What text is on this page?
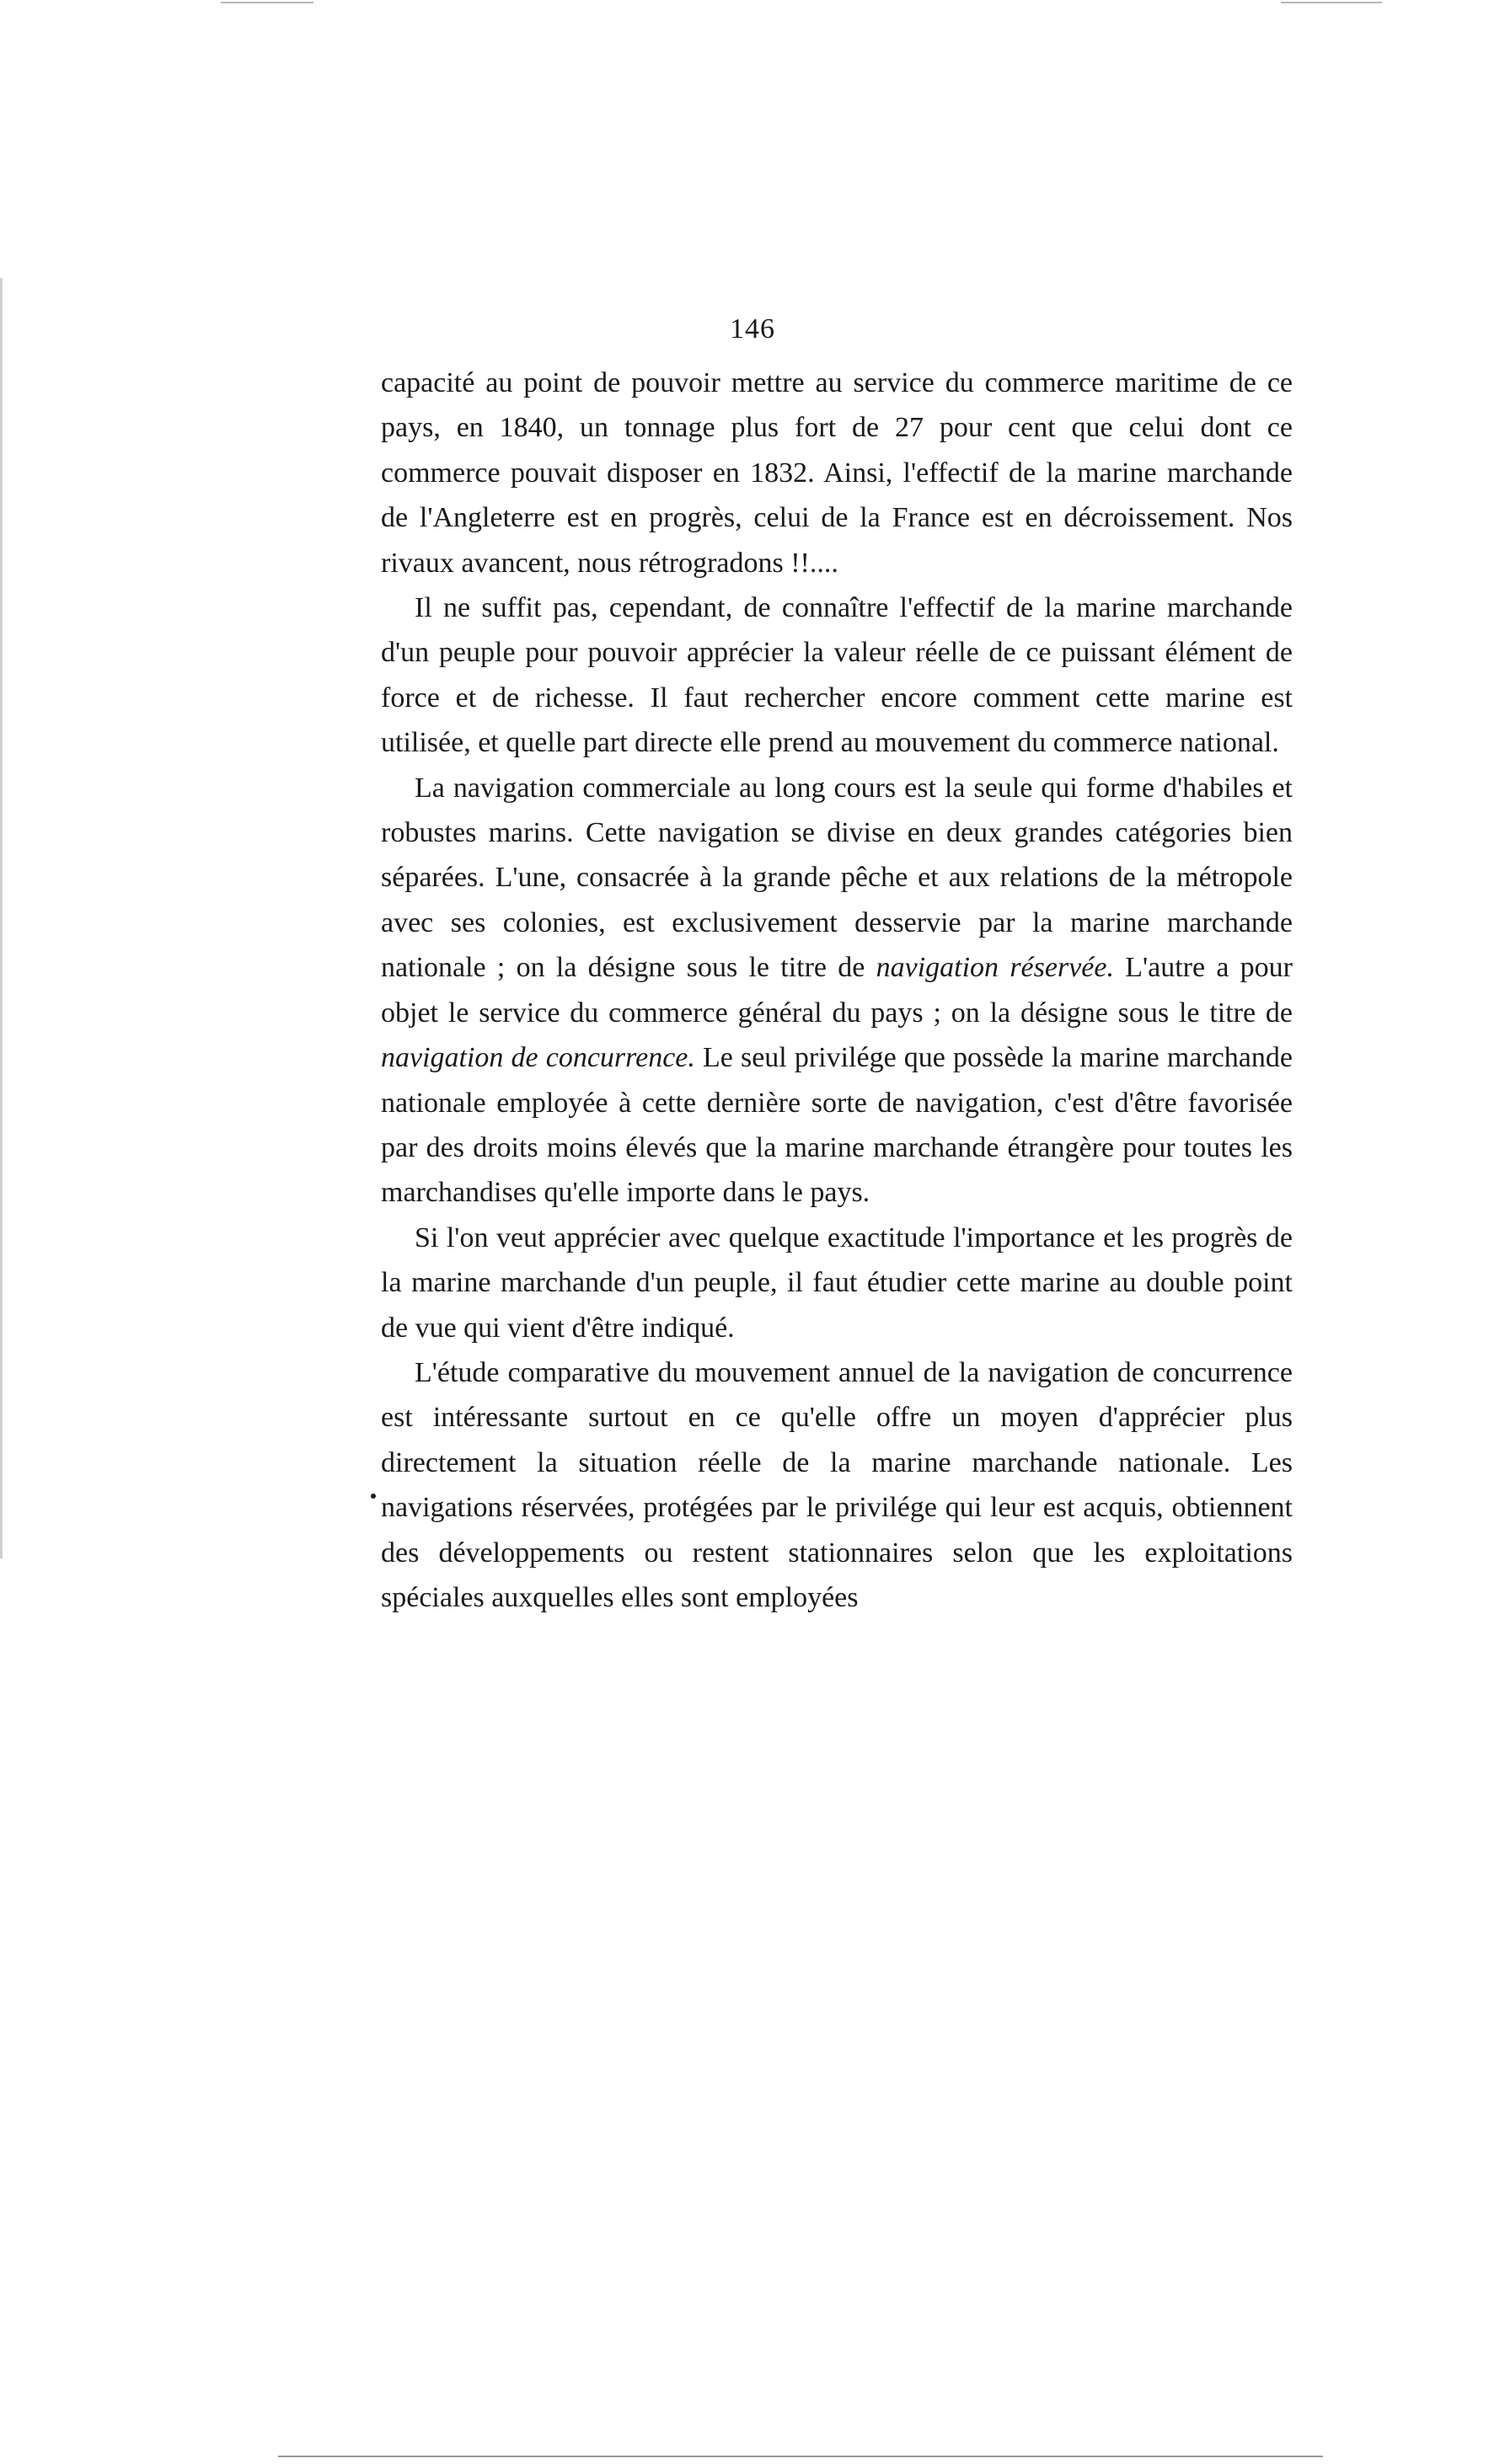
146

capacité au point de pouvoir mettre au service du commerce maritime de ce pays, en 1840, un tonnage plus fort de 27 pour cent que celui dont ce commerce pouvait disposer en 1832. Ainsi, l'effectif de la marine marchande de l'Angleterre est en progrès, celui de la France est en décroissement. Nos rivaux avancent, nous rétrogradons !!....

Il ne suffit pas, cependant, de connaître l'effectif de la marine marchande d'un peuple pour pouvoir apprécier la valeur réelle de ce puissant élément de force et de richesse. Il faut rechercher encore comment cette marine est utilisée, et quelle part directe elle prend au mouvement du commerce national.

La navigation commerciale au long cours est la seule qui forme d'habiles et robustes marins. Cette navigation se divise en deux grandes catégories bien séparées. L'une, consacrée à la grande pêche et aux relations de la métropole avec ses colonies, est exclusivement desservie par la marine marchande nationale ; on la désigne sous le titre de navigation réservée. L'autre a pour objet le service du commerce général du pays ; on la désigne sous le titre de navigation de concurrence. Le seul privilége que possède la marine marchande nationale employée à cette dernière sorte de navigation, c'est d'être favorisée par des droits moins élevés que la marine marchande étrangère pour toutes les marchandises qu'elle importe dans le pays.

Si l'on veut apprécier avec quelque exactitude l'importance et les progrès de la marine marchande d'un peuple, il faut étudier cette marine au double point de vue qui vient d'être indiqué.

L'étude comparative du mouvement annuel de la navigation de concurrence est intéressante surtout en ce qu'elle offre un moyen d'apprécier plus directement la situation réelle de la marine marchande nationale. Les navigations réservées, protégées par le privilége qui leur est acquis, obtiennent des développements ou restent stationnaires selon que les exploitations spéciales auxquelles elles sont employées
